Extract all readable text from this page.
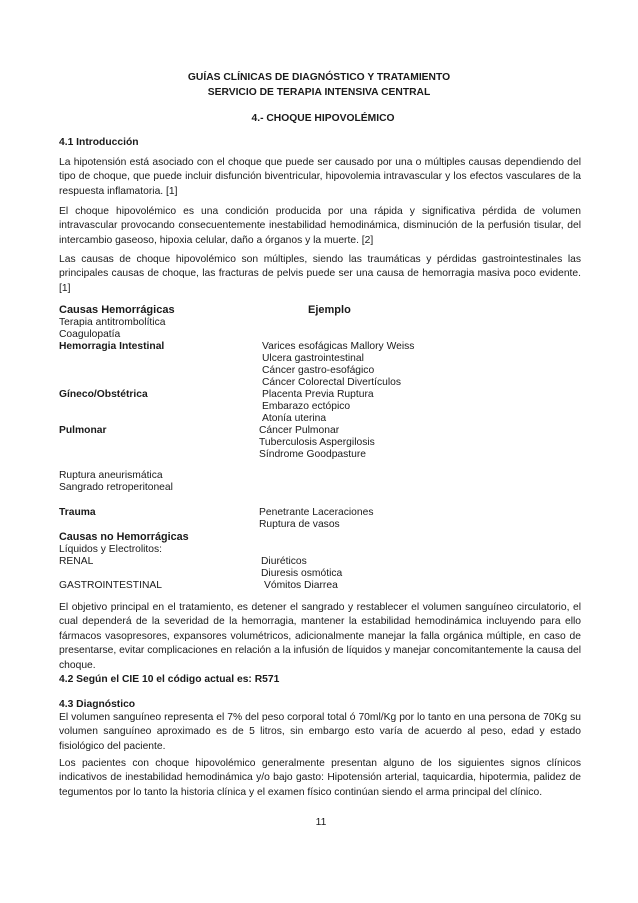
GUÍAS CLÍNICAS DE DIAGNÓSTICO Y TRATAMIENTO
SERVICIO DE TERAPIA INTENSIVA CENTRAL
4.- CHOQUE HIPOVOLÉMICO
4.1 Introducción
La hipotensión está asociado con el choque que puede ser causado por una o múltiples causas dependiendo del tipo de choque, que puede incluir disfunción biventricular, hipovolemia intravascular y los efectos vasculares de la respuesta inflamatoria. [1]
El choque hipovolémico es una condición producida por una rápida y significativa pérdida de volumen intravascular provocando consecuentemente inestabilidad hemodinámica, disminución de la perfusión tisular, del intercambio gaseoso, hipoxia celular, daño a órganos y la muerte. [2]
Las causas de choque hipovolémico son múltiples, siendo las traumáticas y pérdidas gastrointestinales las principales causas de choque, las fracturas de pelvis puede ser una causa de hemorragia masiva poco evidente. [1]
Causas Hemorrágicas	Ejemplo
Terapia antitrombolítica
Coagulopatía
Hemorragia Intestinal	Varices esofágicas Mallory Weiss
Ulcera gastrointestinal
Cáncer gastro-esofágico
Cáncer Colorectal Divertículos
Gíneco/Obstétrica	Placenta Previa Ruptura
Embarazo ectópico
Atonía uterina
Pulmonar	Cáncer Pulmonar
Tuberculosis Aspergilosis
Síndrome Goodpasture
Ruptura aneurismática
Sangrado retroperitoneal
Trauma	Penetrante Laceraciones
Ruptura de vasos
Causas no Hemorrágicas
Líquidos y Electrolitos:
RENAL	Diuréticos
Diuresis osmótica
GASTROINTESTINAL	Vómitos Diarrea
El objetivo principal en el tratamiento, es detener el sangrado y restablecer el volumen sanguíneo circulatorio, el cual dependerá de la severidad de la hemorragia, mantener la estabilidad hemodinámica incluyendo para ello fármacos vasopresores, expansores volumétricos, adicionalmente manejar la falla orgánica múltiple, en caso de presentarse, evitar complicaciones en relación a la infusión de líquidos y manejar concomitantemente la causa del choque.
4.2 Según el CIE 10 el código actual es: R571
4.3 Diagnóstico
El volumen sanguíneo representa el 7% del peso corporal total ó 70ml/Kg por lo tanto en una persona de 70Kg su volumen sanguíneo aproximado es de 5 litros, sin embargo esto varía de acuerdo al peso, edad y estado fisiológico del paciente.
Los pacientes con choque hipovolémico generalmente presentan alguno de los siguientes signos clínicos indicativos de inestabilidad hemodinámica y/o bajo gasto: Hipotensión arterial, taquicardia, hipotermia, palidez de tegumentos por lo tanto la historia clínica y el examen físico continúan siendo el arma principal del clínico.
11
